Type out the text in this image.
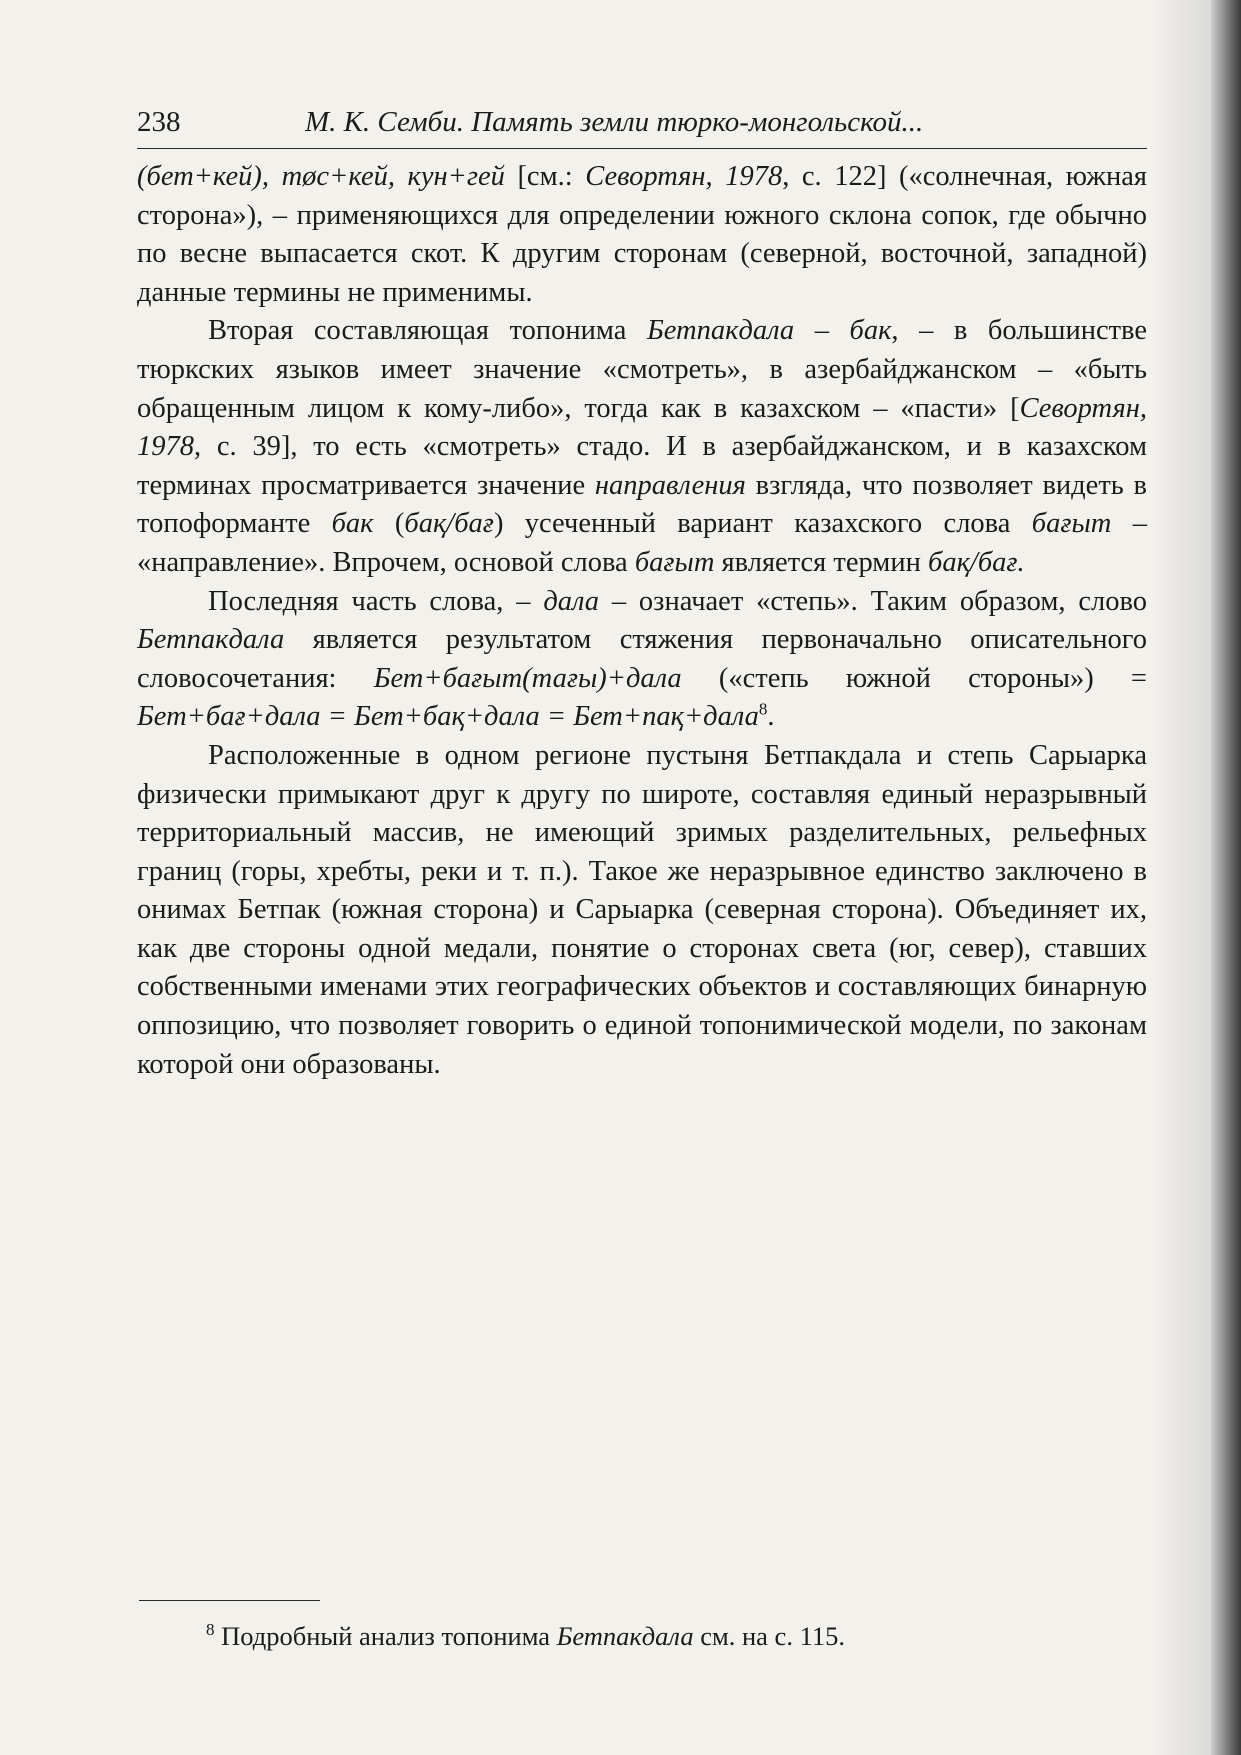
238	М. К. Семби. Память земли тюрко-монгольской...

(бет+кей), тøс+кей, кун+гей [см.: Севортян, 1978, с. 122] («солнечная, южная сторона»), – применяющихся для определении южного склона сопок, где обычно по весне выпасается скот. К другим сторонам (северной, восточной, западной) данные термины не применимы.

Вторая составляющая топонима Бетпакдала – бак, – в большинстве тюркских языков имеет значение «смотреть», в азербайджанском – «быть обращенным лицом к кому-либо», тогда как в казахском – «пасти» [Севортян, 1978, с. 39], то есть «смотреть» стадо. И в азербайджанском, и в казахском терминах просматривается значение направления взгляда, что позволяет видеть в топоформанте бак (бақ/бағ) усеченный вариант казахского слова бағыт – «направление». Впрочем, основой слова бағыт является термин бақ/бағ.

Последняя часть слова, – дала – означает «степь». Таким образом, слово Бетпакдала является результатом стяжения первоначально описательного словосочетания: Бет+бағыт(тағы)+дала («степь южной стороны») = Бет+бағ+дала = Бет+бақ+дала = Бет+пақ+дала$^8$.

Расположенные в одном регионе пустыня Бетпакдала и степь Сарыарка физически примыкают друг к другу по широте, составляя единый неразрывный территориальный массив, не имеющий зримых разделительных, рельефных границ (горы, хребты, реки и т. п.). Такое же неразрывное единство заключено в онимах Бетпак (южная сторона) и Сарыарка (северная сторона). Объединяет их, как две стороны одной медали, понятие о сторонах света (юг, север), ставших собственными именами этих географических объектов и составляющих бинарную оппозицию, что позволяет говорить о единой топонимической модели, по законам которой они образованы.

$^8$ Подробный анализ топонима Бетпакдала см. на с. 115.
